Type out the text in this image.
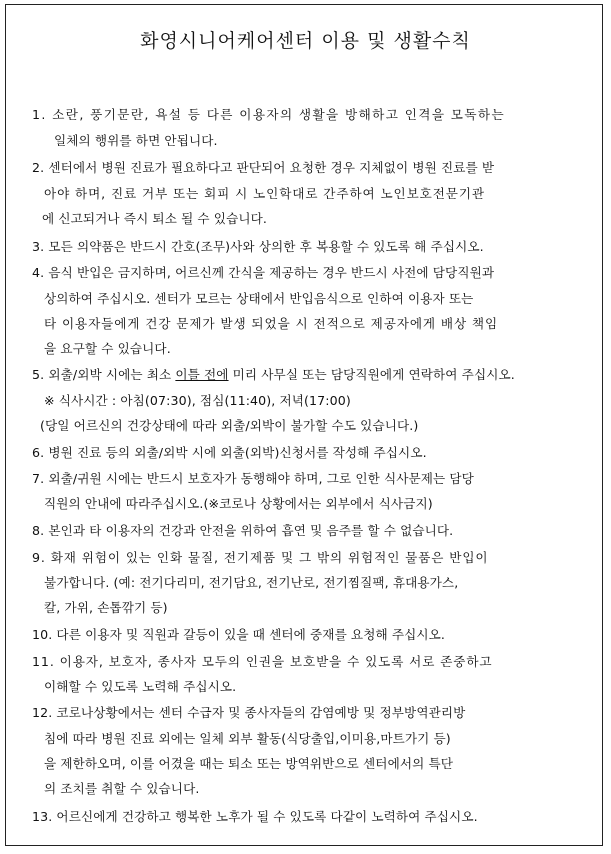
화영시니어케어센터 이용 및 생활수칙
1. 소란, 풍기문란, 욕설 등 다른 이용자의 생활을 방해하고 인격을 모독하는
일체의 행위를 하면 안됩니다.
2. 센터에서 병원 진료가 필요하다고 판단되어 요청한 경우 지체없이 병원 진료를 받
아야 하며, 진료 거부 또는 회피 시 노인학대로 간주하여 노인보호전문기관
에 신고되거나 즉시 퇴소 될 수 있습니다.
3. 모든 의약품은 반드시 간호(조무)사와 상의한 후 복용할 수 있도록 해 주십시오.
4. 음식 반입은 금지하며, 어르신께 간식을 제공하는 경우 반드시 사전에 담당직원과
상의하여 주십시오. 센터가 모르는 상태에서 반입음식으로 인하여 이용자 또는
타 이용자들에게 건강 문제가 발생 되었을 시 전적으로 제공자에게 배상 책임
을 요구할 수 있습니다.
5. 외출/외박 시에는 최소 이틀 전에 미리 사무실 또는 담당직원에게 연락하여 주십시오.
※ 식사시간 : 아침(07:30), 점심(11:40), 저녁(17:00)
(당일 어르신의 건강상태에 따라 외출/외박이 불가할 수도 있습니다.)
6. 병원 진료 등의 외출/외박 시에 외출(외박)신청서를 작성해 주십시오.
7. 외출/귀원 시에는 반드시 보호자가 동행해야 하며, 그로 인한 식사문제는 담당
직원의 안내에 따라주십시오.(※코로나 상황에서는 외부에서 식사금지)
8. 본인과 타 이용자의 건강과 안전을 위하여 흡연 및 음주를 할 수 없습니다.
9. 화재 위험이 있는 인화 물질, 전기제품 및 그 밖의 위험적인 물품은 반입이
불가합니다. (예: 전기다리미, 전기담요, 전기난로, 전기찜질팩, 휴대용가스,
칼, 가위, 손톱깎기 등)
10. 다른 이용자 및 직원과 갈등이 있을 때 센터에 중재를 요청해 주십시오.
11. 이용자, 보호자, 종사자 모두의 인권을 보호받을 수 있도록 서로 존중하고
이해할 수 있도록 노력해 주십시오.
12. 코로나상황에서는 센터 수급자 및 종사자들의 감염예방 및 정부방역관리방
침에 따라 병원 진료 외에는 일체 외부 활동(식당출입,이미용,마트가기 등)
을 제한하오며, 이를 어겼을 때는 퇴소 또는 방역위반으로 센터에서의 특단
의 조치를 취할 수 있습니다.
13. 어르신에게 건강하고 행복한 노후가 될 수 있도록 다같이 노력하여 주십시오.
